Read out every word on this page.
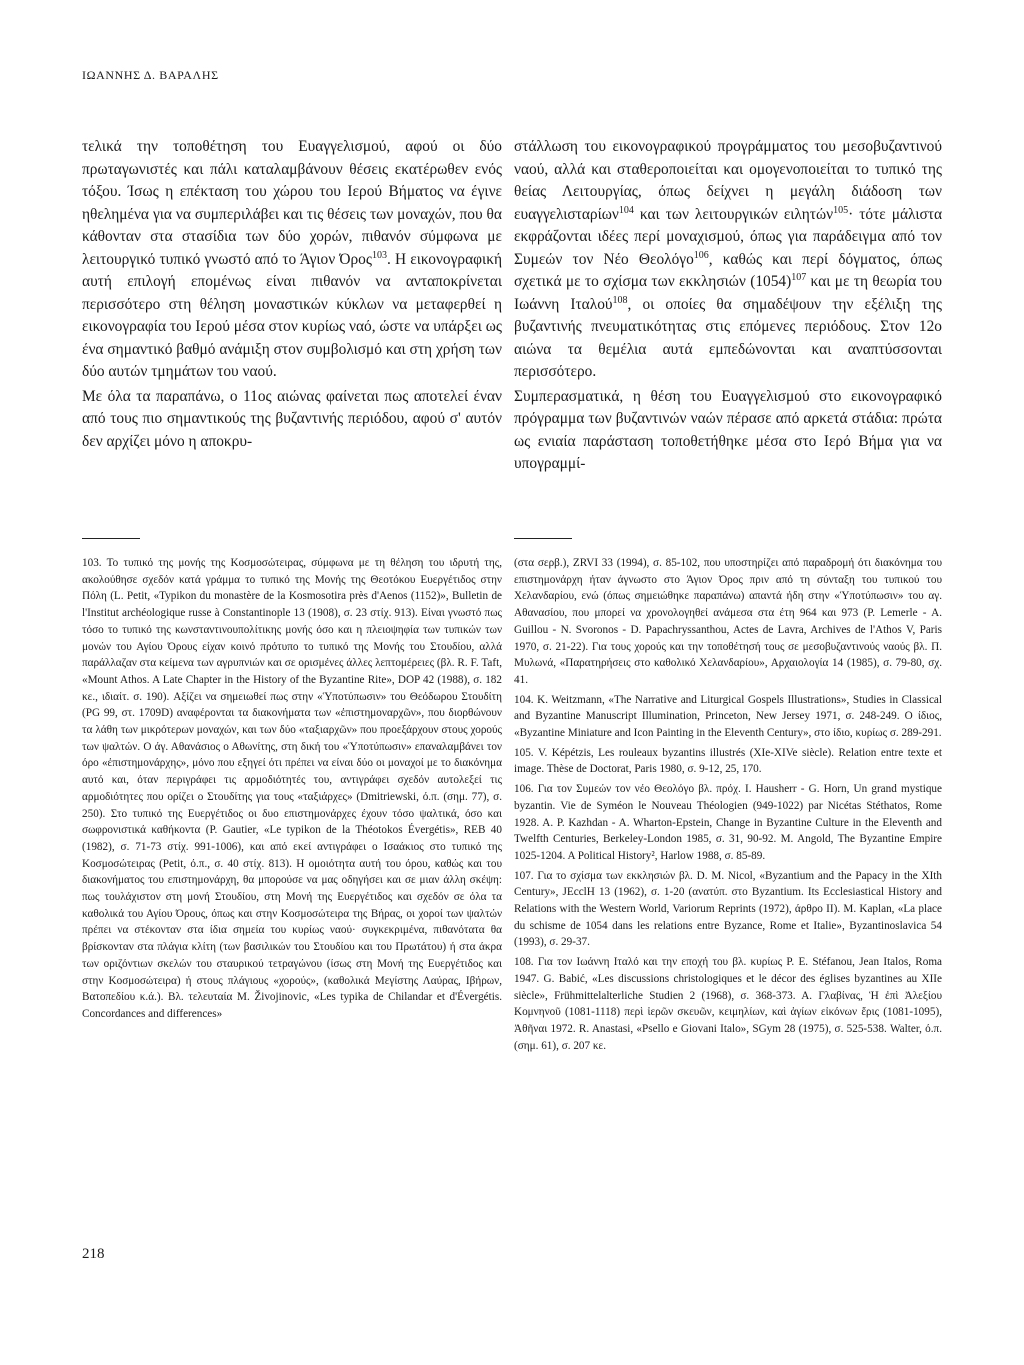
ΙΩΑΝΝΗΣ Δ. ΒΑΡΑΛΗΣ

τελικά την τοποθέτηση του Ευαγγελισμού, αφού οι δύο πρωταγωνιστές και πάλι καταλαμβάνουν θέσεις εκατέρωθεν ενός τόξου. Ίσως η επέκταση του χώρου του Ιερού Βήματος να έγινε ηθελημένα για να συμπεριλάβει και τις θέσεις των μοναχών, που θα κάθονταν στα στασίδια των δύο χορών, πιθανόν σύμφωνα με λειτουργικό τυπικό γνωστό από το Άγιον Όρος$^{103}$. Η εικονογραφική αυτή επιλογή επομένως είναι πιθανόν να ανταποκρίνεται περισσότερο στη θέληση μοναστικών κύκλων να μεταφερθεί η εικονογραφία του Ιερού μέσα στον κυρίως ναό, ώστε να υπάρξει ως ένα σημαντικό βαθμό ανάμιξη στον συμβολισμό και στη χρήση των δύο αυτών τμημάτων του ναού.

Με όλα τα παραπάνω, ο 11ος αιώνας φαίνεται πως αποτελεί έναν από τους πιο σημαντικούς της βυζαντινής περιόδου, αφού σ' αυτόν δεν αρχίζει μόνο η αποκρυ-

στάλλωση του εικονογραφικού προγράμματος του μεσοβυζαντινού ναού, αλλά και σταθεροποιείται και ομογενοποιείται το τυπικό της θείας Λειτουργίας, όπως δείχνει η μεγάλη διάδοση των ευαγγελισταρίων$^{104}$ και των λειτουργικών ειλητών$^{105}$· τότε μάλιστα εκφράζονται ιδέες περί μοναχισμού, όπως για παράδειγμα από τον Συμεών τον Νέο Θεολόγο$^{106}$, καθώς και περί δόγματος, όπως σχετικά με το σχίσμα των εκκλησιών $(1054)^{107}$ και με τη θεωρία του Ιωάννη Ιταλού$^{108}$, οι οποίες θα σημαδέψουν την εξέλιξη της βυζαντινής πνευματικότητας στις επόμενες περιόδους. Στον 12ο αιώνα τα θεμέλια αυτά εμπεδώνονται και αναπτύσσονται περισσότερο.

Συμπερασματικά, η θέση του Ευαγγελισμού στο εικονογραφικό πρόγραμμα των βυζαντινών ναών πέρασε από αρκετά στάδια: πρώτα ως ενιαία παράσταση τοποθετήθηκε μέσα στο Ιερό Βήμα για να υπογραμμί-

103. Το τυπικό της μονής της Κοσμοσώτειρας, σύμφωνα με τη θέληση του ιδρυτή της, ακολούθησε σχεδόν κατά γράμμα το τυπικό της Μονής της Θεοτόκου Ευεργέτιδος στην Πόλη (L. Petit, «Typikon du monastère de la Kosmosotira près d'Aenos (1152)», Bulletin de l'Institut archéologique russe à Constantinople 13 (1908), σ. 23 στίχ. 913). Είναι γνωστό πως τόσο το τυπικό της κωνσταντινουπολίτικης μονής όσο και η πλειοψηφία των τυπικών των μονών του Αγίου Όρους είχαν κοινό πρότυπο το τυπικό της Μονής του Στουδίου, αλλά παράλλαζαν στα κείμενα των αγρυπνιών και σε ορισμένες άλλες λεπτομέρειες (βλ. R. F. Taft, «Mount Athos. A Late Chapter in the History of the Byzantine Rite», DOP 42 (1988), σ. 182 κε., ιδιαίτ. σ. 190). Αξίζει να σημειωθεί πως στην «Ὑποτύπωσιν» του Θεόδωρου Στουδίτη (PG 99, στ. 1709D) αναφέρονται τα διακονήματα των «ἐπιστημοναρχῶν», που διορθώνουν τα λάθη των μικρότερων μοναχών, και των δύο «ταξιαρχῶν» που προεξάρχουν στους χορούς των ψαλτών. Ο άγ. Αθανάσιος ο Αθωνίτης, στη δική του «Ὑποτύπωσιν» επαναλαμβάνει τον όρο «ἐπιστημονάρχης», μόνο που εξηγεί ότι πρέπει να είναι δύο οι μοναχοί με το διακόνημα αυτό και, όταν περιγράφει τις αρμοδιότητές του, αντιγράφει σχεδόν αυτολεξεί τις αρμοδιότητες που ορίζει ο Στουδίτης για τους «ταξιάρχες» (Dmitriewski, ό.π. (σημ. 77), σ. 250). Στο τυπικό της Ευεργέτιδος οι δυο επιστημονάρχες έχουν τόσο ψαλτικά, όσο και σωφρονιστικά καθήκοντα (P. Gautier, «Le typikon de la Théotokos Évergétis», REB 40 (1982), σ. 71-73 στίχ. 991-1006), και από εκεί αντιγράφει ο Ισαάκιος στο τυπικό της Κοσμοσώτειρας (Petit, ό.π., σ. 40 στίχ. 813). Η ομοιότητα αυτή του όρου, καθώς και του διακονήματος του επιστημονάρχη, θα μπορούσε να μας οδηγήσει και σε μιαν άλλη σκέψη: πως τουλάχιστον στη μονή Στουδίου, στη Μονή της Ευεργέτιδος και σχεδόν σε όλα τα καθολικά του Αγίου Όρους, όπως και στην Κοσμοσώτειρα της Βήρας, οι χοροί των ψαλτών πρέπει να στέκονταν στα ίδια σημεία του κυρίως ναού· συγκεκριμένα, πιθανότατα θα βρίσκονταν στα πλάγια κλίτη (των βασιλικών του Στουδίου και του Πρωτάτου) ή στα άκρα των οριζόντιων σκελών του σταυρικού τετραγώνου (ίσως στη Μονή της Ευεργέτιδος και στην Κοσμοσώτειρα) ή στους πλάγιους «χορούς», (καθολικά Μεγίστης Λαύρας, Ιβήρων, Βατοπεδίου κ.ά.). Βλ. τελευταία M. Živojinovic, «Les typika de Chilandar et d'Évergétis. Concordances and differences»

(στα σερβ.), ZRVI 33 (1994), σ. 85-102, που υποστηρίζει από παραδρομή ότι διακόνημα του επιστημονάρχη ήταν άγνωστο στο Άγιον Όρος πριν από τη σύνταξη του τυπικού του Χελανδαρίου, ενώ (όπως σημειώθηκε παραπάνω) απαντά ήδη στην «Ὑποτύπωσιν» του αγ. Αθανασίου, που μπορεί να χρονολογηθεί ανάμεσα στα έτη 964 και 973 (P. Lemerle - A. Guillou - N. Svoronos - D. Papachryssanthou, Actes de Lavra, Archives de l'Athos V, Paris 1970, σ. 21-22). Για τους χορούς και την τοποθέτησή τους σε μεσοβυζαντινούς ναούς βλ. Π. Μυλωνά, «Παρατηρήσεις στο καθολικό Χελανδαρίου», Αρχαιολογία 14 (1985), σ. 79-80, σχ. 41.

104. K. Weitzmann, «The Narrative and Liturgical Gospels Illustrations», Studies in Classical and Byzantine Manuscript Illumination, Princeton, New Jersey 1971, σ. 248-249. Ο ίδιος, «Byzantine Miniature and Icon Painting in the Eleventh Century», στο ίδιο, κυρίως σ. 289-291.

105. V. Képétzis, Les rouleaux byzantins illustrés (XIe-XIVe siècle). Relation entre texte et image. Thèse de Doctorat, Paris 1980, σ. 9-12, 25, 170.

106. Για τον Συμεών τον νέο Θεολόγο βλ. πρόχ. I. Hausherr - G. Horn, Un grand mystique byzantin. Vie de Syméon le Nouveau Théologien (949-1022) par Nicétas Stéthatos, Rome 1928. A. P. Kazhdan - A. Wharton-Epstein, Change in Byzantine Culture in the Eleventh and Twelfth Centuries, Berkeley-London 1985, σ. 31, 90-92. M. Angold, The Byzantine Empire 1025-1204. A Political History², Harlow 1988, σ. 85-89.

107. Για το σχίσμα των εκκλησιών βλ. D. M. Nicol, «Byzantium and the Papacy in the XIth Century», JEcclH 13 (1962), σ. 1-20 (ανατύπ. στο Byzantium. Its Ecclesiastical History and Relations with the Western World, Variorum Reprints (1972), άρθρο II). M. Kaplan, «La place du schisme de 1054 dans les relations entre Byzance, Rome et Italie», Byzantinoslavica 54 (1993), σ. 29-37.

108. Για τον Ιωάννη Ιταλό και την εποχή του βλ. κυρίως P. E. Stéfanou, Jean Italos, Roma 1947. G. Babić, «Les discussions christologiques et le décor des églises byzantines au XIIe siècle», Frühmittelalterliche Studien 2 (1968), σ. 368-373. Α. Γλαβίνας, Ἡ ἐπὶ Ἀλεξίου Κομνηνοῦ (1081-1118) περὶ ἱερῶν σκευῶν, κειμηλίων, καὶ ἁγίων εἰκόνων ἔρις (1081-1095), Ἀθῆναι 1972. R. Anastasi, «Psello e Giovani Italo», SGym 28 (1975), σ. 525-538. Walter, ό.π. (σημ. 61), σ. 207 κε.

218
